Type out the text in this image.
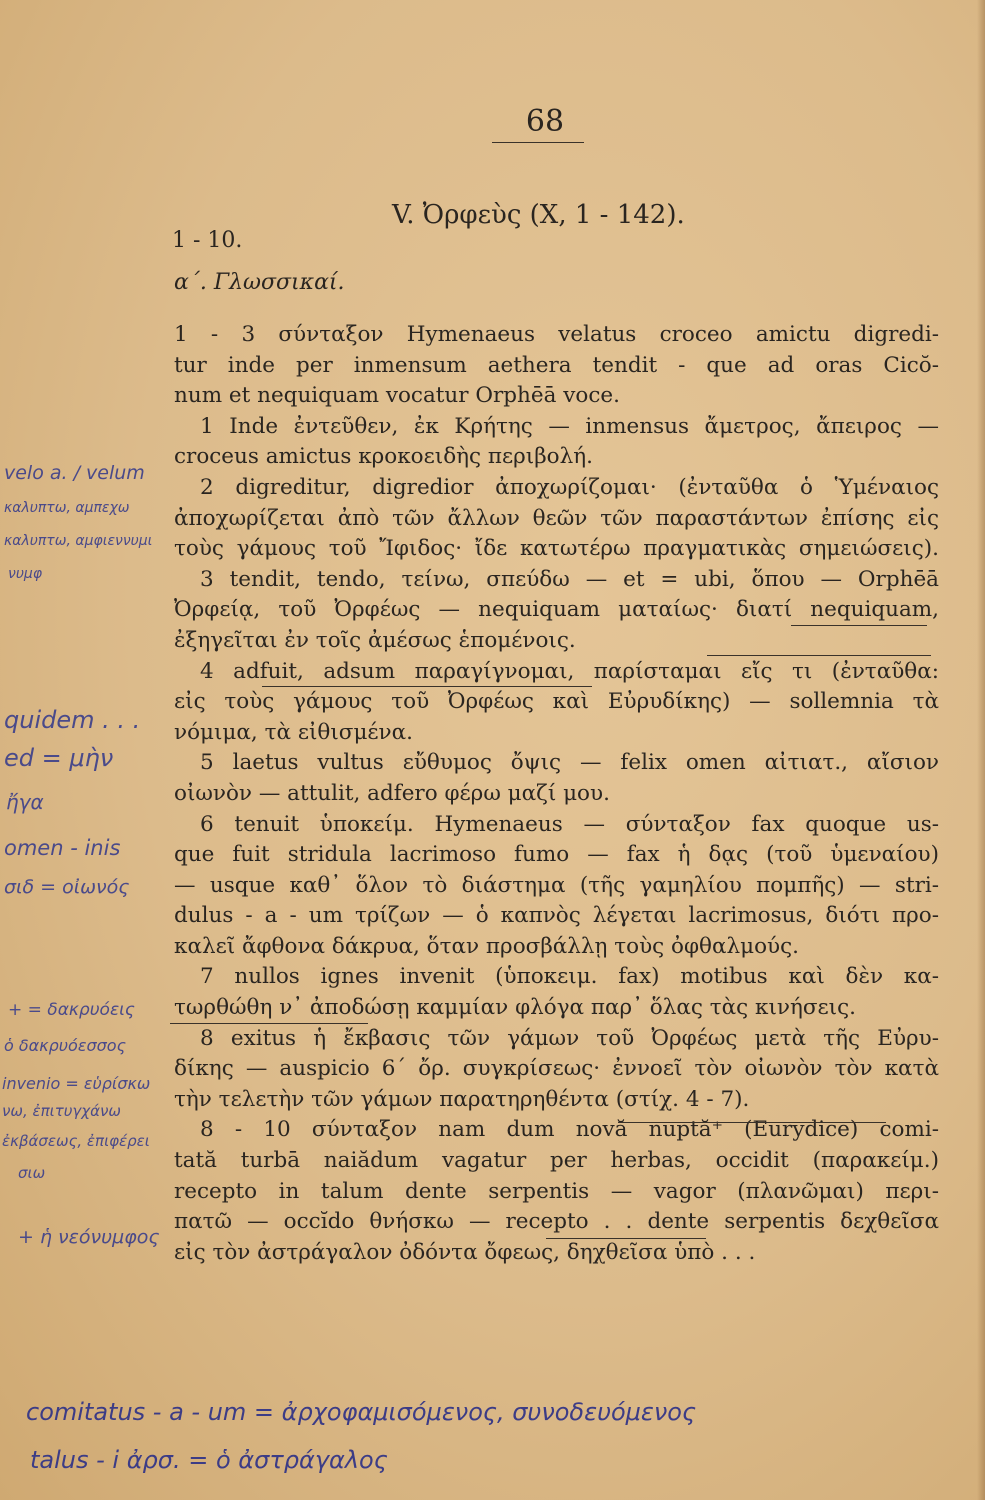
68
V. Ὀρφεὺς (Χ, 1 - 142).
1 - 10.
α΄. Γλωσσικαί.
1 - 3 σύνταξον Hymenaeus velatus croceo amictu digredi-
tur inde per inmensum aethera tendit - que ad oras Cicŏ-
num et nequiquam vocatur Orphēā voce.
1 Inde ἐντεῦθεν, ἐκ Κρήτης — inmensus ἄμετρος, ἄπειρος —
croceus amictus κροκοειδὴς περιβολή.
2 digreditur, digredior ἀποχωρίζομαι· (ἐνταῦθα ὁ Ὑμέναιος
ἀποχωρίζεται ἀπὸ τῶν ἄλλων θεῶν τῶν παραστάντων ἐπίσης εἰς
τοὺς γάμους τοῦ Ἴφιδος· ἴδε κατωτέρω πραγματικὰς σημειώσεις).
3 tendit, tendo, τείνω, σπεύδω — et = ubi, ὅπου — Orphēā
Ὀρφείᾳ, τοῦ Ὀρφέως — nequiquam ματαίως· διατί nequiquam,
ἐξηγεῖται ἐν τοῖς ἀμέσως ἑπομένοις.
4 adfuit, adsum παραγίγνομαι, παρίσταμαι εἴς τι (ἐνταῦθα:
εἰς τοὺς γάμους τοῦ Ὀρφέως καὶ Εὐρυδίκης) — sollemnia τὰ
νόμιμα, τὰ εἰθισμένα.
5 laetus vultus εὔθυμος ὄψις — felix omen αἰτιατ., αἴσιον
οἰωνὸν — attulit, adfero φέρω μαζί μου.
6 tenuit ὑποκείμ. Hymenaeus — σύνταξον fax quoque us-
que fuit stridula lacrimoso fumo — fax ἡ δᾳς (τοῦ ὑμεναίου)
— usque καθ᾽ ὅλον τὸ διάστημα (τῆς γαμηλίου πομπῆς) — stri-
dulus - a - um τρίζων — ὁ καπνὸς λέγεται lacrimosus, διότι προ-
καλεῖ ἄφθονα δάκρυα, ὅταν προσβάλλῃ τοὺς ὀφθαλμούς.
7 nullos ignes invenit (ὑποκειμ. fax) motibus καὶ δὲν κα-
τωρθώθη ν᾽ ἀποδώσῃ καμμίαν φλόγα παρ᾽ ὅλας τὰς κινήσεις.
8 exitus ἡ ἔκβασις τῶν γάμων τοῦ Ὀρφέως μετὰ τῆς Εὐρυ-
δίκης — auspicio 6΄ ὄρ. συγκρίσεως· ἐννοεῖ τὸν οἰωνὸν τὸν κατὰ
τὴν τελετὴν τῶν γάμων παρατηρηθέντα (στίχ. 4 - 7).
8 - 10 σύνταξον nam dum novă nuptă⁺ (Eurydice) comi-
tată turbā naiădum vagatur per herbas, occidit (παρακείμ.)
recepto in talum dente serpentis — vagor (πλανῶμαι) περι-
πατῶ — occĭdo θνήσκω — recepto . . dente serpentis δεχθεῖσα
εἰς τὸν ἀστράγαλον ὀδόντα ὄφεως, δηχθεῖσα ὑπὸ . . .
velo a. / velum
καλυπτω, αμπεχω
καλυπτω, αμφιεννυμι
νυμφ
quidem . . .
ed = μὴν
ἤγα
omen - inis
σιδ = οἰωνός
+ = δακρυόεις
ὁ δακρυόεσσος
invenio = εὑρίσκω
νω, ἐπιτυγχάνω
ἐκβάσεως, ἐπιφέρει
σιω
+ ἡ νεόνυμφος
comitatus - a - um = ἀρχοφαμισόμενος, συνοδευόμενος
talus - i ἀρσ. = ὁ ἀστράγαλος
